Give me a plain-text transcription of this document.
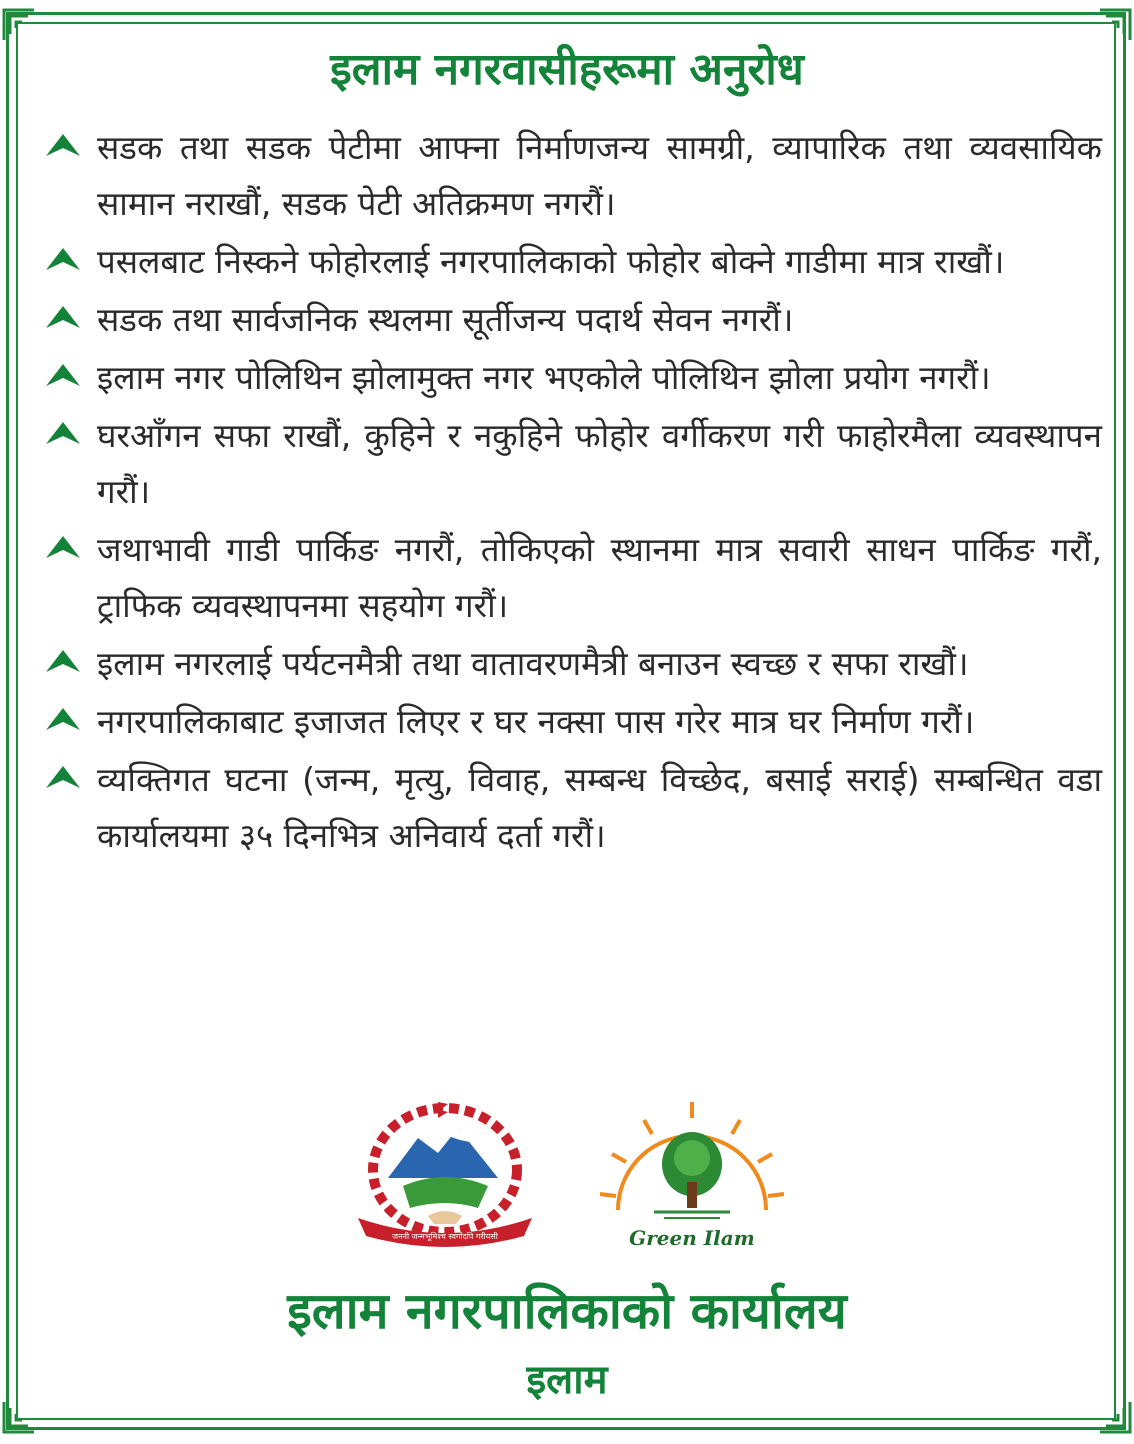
इलाम नगरवासीहरूमा अनुरोध
सडक तथा सडक पेटीमा आफ्ना निर्माणजन्य सामग्री, व्यापारिक तथा व्यवसायिक सामान नराखौं, सडक पेटी अतिक्रमण नगरौं।
पसलबाट निस्कने फोहोरलाई नगरपालिकाको फोहोर बोक्ने गाडीमा मात्र राखौं।
सडक तथा सार्वजनिक स्थलमा सूर्तीजन्य पदार्थ सेवन नगरौं।
इलाम नगर पोलिथिन झोलामुक्त नगर भएकोले पोलिथिन झोला प्रयोग नगरौं।
घरआँगन सफा राखौं, कुहिने र नकुहिने फोहोर वर्गीकरण गरी फाहोरमैला व्यवस्थापन गरौं।
जथाभावी गाडी पार्किङ नगरौं, तोकिएको स्थानमा मात्र सवारी साधन पार्किङ गरौं, ट्राफिक व्यवस्थापनमा सहयोग गरौं।
इलाम नगरलाई पर्यटनमैत्री तथा वातावरणमैत्री बनाउन स्वच्छ र सफा राखौं।
नगरपालिकाबाट इजाजत लिएर र घर नक्सा पास गरेर मात्र घर निर्माण गरौं।
व्यक्तिगत घटना (जन्म, मृत्यु, विवाह, सम्बन्ध विच्छेद, बसाई सराई) सम्बन्धित वडा कार्यालयमा ३५ दिनभित्र अनिवार्य दर्ता गरौं।
जननी जन्मभूमिश्च स्वर्गादपि गरीयसी	Green Ilam
इलाम नगरपालिकाको कार्यालय
इलाम
